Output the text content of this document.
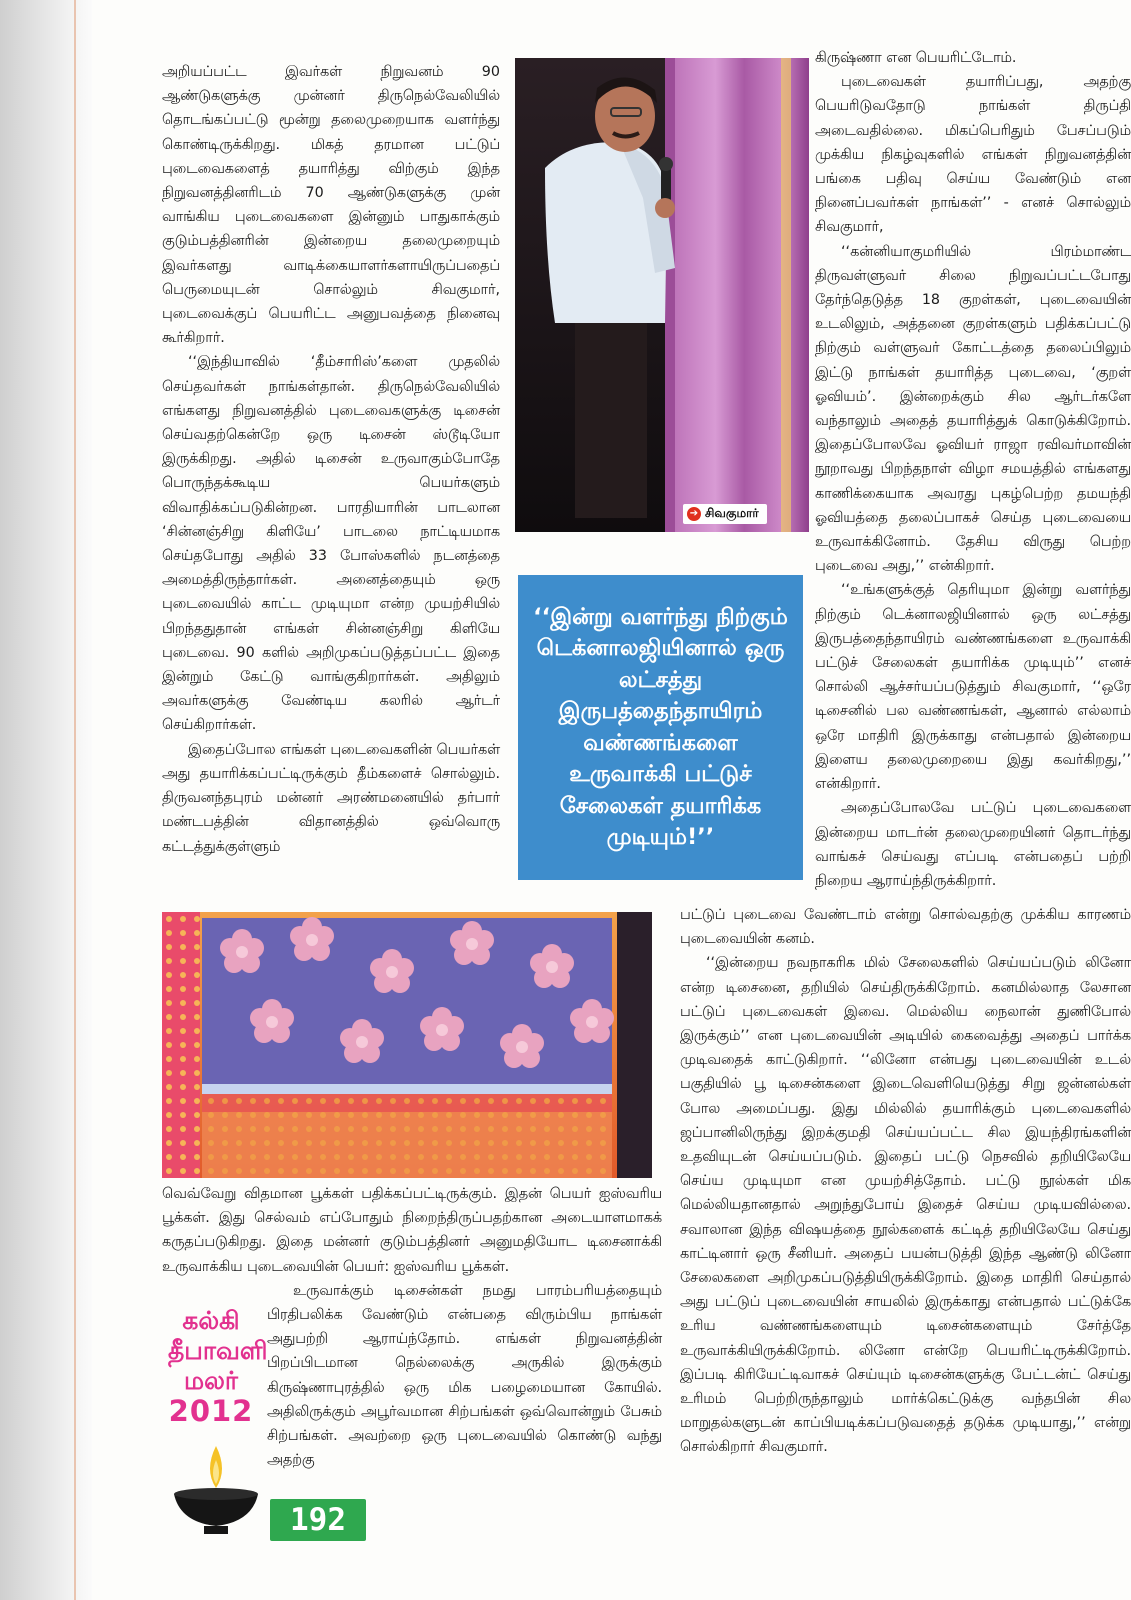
அறியப்பட்ட இவர்கள் நிறுவனம் 90 ஆண்டுகளுக்கு முன்னர் திருநெல்வேலியில் தொடங்கப்பட்டு மூன்று தலைமுறையாக வளர்ந்து கொண்டிருக்கிறது. மிகத் தரமான பட்டுப் புடைவைகளைத் தயாரித்து விற்கும் இந்த நிறுவனத்தினரிடம் 70 ஆண்டுகளுக்கு முன் வாங்கிய புடைவைகளை இன்னும் பாதுகாக்கும் குடும்பத்தினரின் இன்றைய தலைமுறையும் இவர்களது வாடிக்கையாளர்களாயிருப்பதைப் பெருமையுடன் சொல்லும் சிவகுமார், புடைவைக்குப் பெயரிட்ட அனுபவத்தை நினைவு கூர்கிறார்.

‘‘இந்தியாவில் ‘தீம்சாரிஸ்’களை முதலில் செய்தவர்கள் நாங்கள்தான். திருநெல்வேலியில் எங்களது நிறுவனத்தில் புடைவைகளுக்கு டிசைன் செய்வதற்கென்றே ஒரு டிசைன் ஸ்டூடியோ இருக்கிறது. அதில் டிசைன் உருவாகும்போதே பொருந்தக்கூடிய பெயர்களும் விவாதிக்கப்படுகின்றன. பாரதியாரின் பாடலான ‘சின்னஞ்சிறு கிளியே’ பாடலை நாட்டியமாக செய்தபோது அதில் 33 போஸ்களில் நடனத்தை அமைத்திருந்தார்கள். அனைத்தையும் ஒரு புடைவையில் காட்ட முடியுமா என்ற முயற்சியில் பிறந்ததுதான் எங்கள் சின்னஞ்சிறு கிளியே புடைவை. 90 களில் அறிமுகப்படுத்தப்பட்ட இதை இன்றும் கேட்டு வாங்குகிறார்கள். அதிலும் அவர்களுக்கு வேண்டிய கலரில் ஆர்டர் செய்கிறார்கள்.

இதைப்போல எங்கள் புடைவைகளின் பெயர்கள் அது தயாரிக்கப்பட்டிருக்கும் தீம்களைச் சொல்லும். திருவனந்தபுரம் மன்னர் அரண்மனையில் தர்பார் மண்டபத்தின் விதானத்தில் ஒவ்வொரு கட்டத்துக்குள்ளும்

➔ சிவகுமார்

கிருஷ்ணா என பெயரிட்டோம்.

புடைவைகள் தயாரிப்பது, அதற்கு பெயரிடுவதோடு நாங்கள் திருப்தி அடைவதில்லை. மிகப்பெரிதும் பேசப்படும் முக்கிய நிகழ்வுகளில் எங்கள் நிறுவனத்தின் பங்கை பதிவு செய்ய வேண்டும் என நினைப்பவர்கள் நாங்கள்’’ - எனச் சொல்லும் சிவகுமார்,

‘‘கன்னியாகுமரியில் பிரம்மாண்ட திருவள்ளுவர் சிலை நிறுவப்பட்டபோது தேர்ந்தெடுத்த 18 குறள்கள், புடைவையின் உடலிலும், அத்தனை குறள்களும் பதிக்கப்பட்டு நிற்கும் வள்ளுவர் கோட்டத்தை தலைப்பிலும் இட்டு நாங்கள் தயாரித்த புடைவை, ‘குறள் ஓவியம்’. இன்றைக்கும் சில ஆர்டர்களே வந்தாலும் அதைத் தயாரித்துக் கொடுக்கிறோம். இதைப்போலவே ஓவியர் ராஜா ரவிவர்மாவின் நூறாவது பிறந்தநாள் விழா சமயத்தில் எங்களது காணிக்கையாக அவரது புகழ்பெற்ற தமயந்தி ஓவியத்தை தலைப்பாகச் செய்த புடைவையை உருவாக்கினோம். தேசிய விருது பெற்ற புடைவை அது,’’ என்கிறார்.

‘‘உங்களுக்குத் தெரியுமா இன்று வளர்ந்து நிற்கும் டெக்னாலஜியினால் ஒரு லட்சத்து இருபத்தைந்தாயிரம் வண்ணங்களை உருவாக்கி பட்டுச் சேலைகள் தயாரிக்க முடியும்’’ எனச் சொல்லி ஆச்சர்யப்படுத்தும் சிவகுமார், ‘‘ஒரே டிசைனில் பல வண்ணங்கள், ஆனால் எல்லாம் ஒரே மாதிரி இருக்காது என்பதால் இன்றைய இளைய தலைமுறையை இது கவர்கிறது,’’ என்கிறார்.

அதைப்போலவே பட்டுப் புடைவைகளை இன்றைய மாடர்ன் தலைமுறையினர் தொடர்ந்து வாங்கச் செய்வது எப்படி என்பதைப் பற்றி நிறைய ஆராய்ந்திருக்கிறார்.

‘‘இன்று வளர்ந்து நிற்கும் டெக்னாலஜியினால் ஒரு லட்சத்து இருபத்தைந்தாயிரம் வண்ணங்களை உருவாக்கி பட்டுச் சேலைகள் தயாரிக்க முடியும்!’’

பட்டுப் புடைவை வேண்டாம் என்று சொல்வதற்கு முக்கிய காரணம் புடைவையின் கனம்.

‘‘இன்றைய நவநாகரிக மில் சேலைகளில் செய்யப்படும் லினோ என்ற டிசைனை, தறியில் செய்திருக்கிறோம். கனமில்லாத லேசான பட்டுப் புடைவைகள் இவை. மெல்லிய நைலான் துணிபோல் இருக்கும்’’ என புடைவையின் அடியில் கைவைத்து அதைப் பார்க்க முடிவதைக் காட்டுகிறார். ‘‘லினோ என்பது புடைவையின் உடல் பகுதியில் பூ டிசைன்களை இடைவெளியெடுத்து சிறு ஜன்னல்கள் போல அமைப்பது. இது மில்லில் தயாரிக்கும் புடைவைகளில் ஜப்பானிலிருந்து இறக்குமதி செய்யப்பட்ட சில இயந்திரங்களின் உதவியுடன் செய்யப்படும். இதைப் பட்டு நெசவில் தறியிலேயே செய்ய முடியுமா என முயற்சித்தோம். பட்டு நூல்கள் மிக மெல்லியதானதால் அறுந்துபோய் இதைச் செய்ய முடியவில்லை. சவாலான இந்த விஷயத்தை நூல்களைக் கட்டித் தறியிலேயே செய்து காட்டினார் ஒரு சீனியர். அதைப் பயன்படுத்தி இந்த ஆண்டு லினோ சேலைகளை அறிமுகப்படுத்தியிருக்கிறோம். இதை மாதிரி செய்தால் அது பட்டுப் புடைவையின் சாயலில் இருக்காது என்பதால் பட்டுக்கே உரிய வண்ணங்களையும் டிசைன்களையும் சேர்த்தே உருவாக்கியிருக்கிறோம். லினோ என்றே பெயரிட்டிருக்கிறோம். இப்படி கிரியேட்டிவாகச் செய்யும் டிசைன்களுக்கு பேட்டன்ட் செய்து உரிமம் பெற்றிருந்தாலும் மார்க்கெட்டுக்கு வந்தபின் சில மாறுதல்களுடன் காப்பியடிக்கப்படுவதைத் தடுக்க முடியாது,’’ என்று சொல்கிறார் சிவகுமார்.

வெவ்வேறு விதமான பூக்கள் பதிக்கப்பட்டிருக்கும். இதன் பெயர் ஐஸ்வரிய பூக்கள். இது செல்வம் எப்போதும் நிறைந்திருப்பதற்கான அடையாளமாகக் கருதப்படுகிறது. இதை மன்னர் குடும்பத்தினர் அனுமதியோட டிசைனாக்கி உருவாக்கிய புடைவையின் பெயர்: ஐஸ்வரிய பூக்கள்.

உருவாக்கும் டிசைன்கள் நமது பாரம்பரியத்தையும் பிரதிபலிக்க வேண்டும் என்பதை விரும்பிய நாங்கள் அதுபற்றி ஆராய்ந்தோம். எங்கள் நிறுவனத்தின் பிறப்பிடமான நெல்லைக்கு அருகில் இருக்கும் கிருஷ்ணாபுரத்தில் ஒரு மிக பழைமையான கோயில். அதிலிருக்கும் அபூர்வமான சிற்பங்கள் ஒவ்வொன்றும் பேசும் சிற்பங்கள். அவற்றை ஒரு புடைவையில் கொண்டு வந்து அதற்கு

கல்கி
தீபாவளி
மலர்
2012
192
